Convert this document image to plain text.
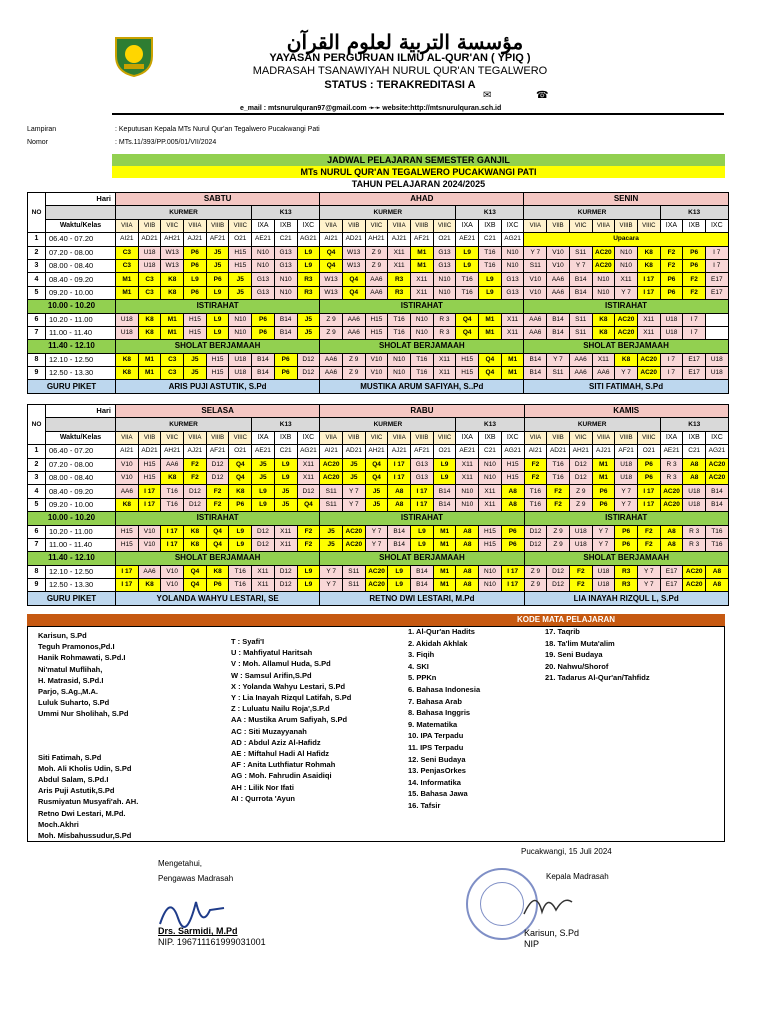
مؤسسة التربية لعلوم القرآن
YAYASAN PERGURUAN ILMU AL-QUR'AN ( YPIQ )
MADRASAH TSANAWIYAH NURUL QUR'AN TEGALWERO
STATUS : TERAKREDITASI A
✉	☎
e_mail : mtsnurulquran97@gmail.com ➛➛ website:http://mtsnurulquran.sch.id
Lampiran	: Keputusan Kepala MTs Nurul Qur'an Tegalwero Pucakwangi Pati
Nomor	: MTs.11/393/PP.005/01/VII/2024
JADWAL PELAJARAN SEMESTER GANJIL
MTs NURUL QUR'AN TEGALWERO PUCAKWANGI PATI
TAHUN PELAJARAN 2024/2025
NO	Hari	SABTU									AHAD									SENIN								
		KURMER						K13			KURMER						K13			KURMER						K13		
	Waktu/Kelas	VIIA	VIIB	VIIC	VIIIA	VIIIB	VIIIC	IXA	IXB	IXC	VIIA	VIIB	VIIC	VIIIA	VIIIB	VIIIC	IXA	IXB	IXC	VIIA	VIIB	VIIC	VIIIA	VIIIB	VIIIC	IXA	IXB	IXC
1	06.40 - 07.20	AI21	AD21	AH21	AJ21	AF21	O21	AE21	C21	AG21	AI21	AD21	AH21	AJ21	AF21	O21	AE21	C21	AG21	Upacara								
2	07.20 - 08.00	C3	U18	W13	P6	J5	H15	N10	G13	L9	Q4	W13	Z 9	X11	M1	G13	L9	T16	N10	Y 7	V10	S11	AC20	N10	K8	F2	P6	I 7
3	08.00 - 08.40	C3	U18	W13	P6	J5	H15	N10	G13	L9	Q4	W13	Z 9	X11	M1	G13	L9	T16	N10	S11	V10	Y 7	AC20	N10	K8	F2	P6	I 7
4	08.40 - 09.20	M1	C3	K8	L9	P6	J5	G13	N10	R3	W13	Q4	AA6	R3	X11	N10	T16	L9	G13	V10	AA6	B14	N10	X11	I 17	P6	F2	E17
5	09.20 - 10.00	M1	C3	K8	P6	L9	J5	G13	N10	R3	W13	Q4	AA6	R3	X11	N10	T16	L9	G13	V10	AA6	B14	N10	Y 7	I 17	P6	F2	E17
10.00 - 10.20		ISTIRAHAT									ISTIRAHAT									ISTIRAHAT								
6	10.20 - 11.00	U18	K8	M1	H15	L9	N10	P6	B14	J5	Z 9	AA6	H15	T16	N10	R 3	Q4	M1	X11	AA6	B14	S11	K8	AC20	X11	U18	I 7	
7	11.00 - 11.40	U18	K8	M1	H15	L9	N10	P6	B14	J5	Z 9	AA6	H15	T16	N10	R 3	Q4	M1	X11	AA6	B14	S11	K8	AC20	X11	U18	I 7	
11.40 - 12.10		SHOLAT BERJAMAAH									SHOLAT BERJAMAAH									SHOLAT BERJAMAAH								
8	12.10 - 12.50	K8	M1	C3	J5	H15	U18	B14	P6	D12	AA6	Z 9	V10	N10	T16	X11	H15	Q4	M1	B14	Y 7	AA6	X11	K8	AC20	I 7	E17	U18
9	12.50 - 13.30	K8	M1	C3	J5	H15	U18	B14	P6	D12	AA6	Z 9	V10	N10	T16	X11	H15	Q4	M1	B14	S11	AA6	AA6	Y 7	AC20	I 7	E17	U18
GURU PIKET		ARIS PUJI ASTUTIK, S.Pd									MUSTIKA ARUM SAFIYAH, S..Pd									SITI FATIMAH, S.Pd								
NO	Hari	SELASA									RABU									KAMIS								
		KURMER						K13			KURMER						K13			KURMER						K13		
	Waktu/Kelas	VIIA	VIIB	VIIC	VIIIA	VIIIB	VIIIC	IXA	IXB	IXC	VIIA	VIIB	VIIC	VIIIA	VIIIB	VIIIC	IXA	IXB	IXC	VIIA	VIIB	VIIC	VIIIA	VIIIB	VIIIC	IXA	IXB	IXC
1	06.40 - 07.20	AI21	AD21	AH21	AJ21	AF21	O21	AE21	C21	AG21	AI21	AD21	AH21	AJ21	AF21	O21	AE21	C21	AG21	AI21	AD21	AH21	AJ21	AF21	O21	AE21	C21	AG21
2	07.20 - 08.00	V10	H15	AA6	F2	D12	Q4	J5	L9	X11	AC20	J5	Q4	I 17	G13	L9	X11	N10	H15	F2	T16	D12	M1	U18	P6	R 3	A8	AC20
3	08.00 - 08.40	V10	H15	K8	F2	D12	Q4	J5	L9	X11	AC20	J5	Q4	I 17	G13	L9	X11	N10	H15	F2	T16	D12	M1	U18	P6	R 3	A8	AC20
4	08.40 - 09.20	AA6	I 17	T16	D12	F2	K8	L9	J5	D12	S11	Y 7	J5	A8	I 17	B14	N10	X11	A8	T16	F2	Z 9	P6	Y 7	I 17	AC20	U18	B14
5	09.20 - 10.00	K8	I 17	T16	D12	F2	P6	L9	J5	Q4	S11	Y 7	J5	A8	I 17	B14	N10	X11	A8	T16	F2	Z 9	P6	Y 7	I 17	AC20	U18	B14
10.00 - 10.20		ISTIRAHAT									ISTIRAHAT									ISTIRAHAT								
6	10.20 - 11.00	H15	V10	I 17	K8	Q4	L9	D12	X11	F2	J5	AC20	Y 7	B14	L9	M1	A8	H15	P6	D12	Z 9	U18	Y 7	P6	F2	A8	R 3	T16
7	11.00 - 11.40	H15	V10	I 17	K8	Q4	L9	D12	X11	F2	J5	AC20	Y 7	B14	L9	M1	A8	H15	P6	D12	Z 9	U18	Y 7	P6	F2	A8	R 3	T16
11.40 - 12.10		SHOLAT BERJAMAAH									SHOLAT BERJAMAAH									SHOLAT BERJAMAAH								
8	12.10 - 12.50	I 17	AA6	V10	Q4	K8	T16	X11	D12	L9	Y 7	S11	AC20	L9	B14	M1	A8	N10	I 17	Z 9	D12	F2	U18	R3	Y 7	E17	AC20	A8
9	12.50 - 13.30	I 17	K8	V10	Q4	P6	T16	X11	D12	L9	Y 7	S11	AC20	L9	B14	M1	A8	N10	I 17	Z 9	D12	F2	U18	R3	Y 7	E17	AC20	A8
GURU PIKET		YOLANDA WAHYU LESTARI, SE									RETNO DWI LESTARI, M.Pd									LIA INAYAH RIZQUL L, S.Pd								
KODE MATA PELAJARAN
Karisun, S.Pd
Teguh Pramonos,Pd.I
Hanik Rohmawati, S.Pd.I
Ni'matul Muflihah,
H. Matrasid, S.Pd.I
Parjo, S.Ag.,M.A.
Luluk Suharto, S.Pd
Ummi Nur Sholihah, S.Pd
Siti Fatimah, S.Pd
Moh. Ali Kholis Udin, S.Pd
Abdul Salam, S.Pd.I
Aris Puji Astutik,S.Pd
Rusmiyatun Musyafi'ah. AH.
Retno Dwi Lestari, M.Pd.
Moch.Akhri
Moh. Misbahussudur,S.Pd
T : Syafi'I
U : Mahfiyatul Haritsah
V : Moh. Allamul Huda, S.Pd
W : Samsul Arifin,S.Pd
X : Yolanda Wahyu Lestari, S.Pd
Y : Lia Inayah Rizqul Latifah, S.Pd
Z : Luluatu Nailu Roja',S.P.d
AA : Mustika Arum Safiyah, S.Pd
AC : Siti Muzayyanah
AD : Abdul Aziz Al-Hafidz
AE : Miftahul Hadi Al Hafidz
AF : Anita Luthfiatur Rohmah
AG : Moh. Fahrudin Asaidiqi
AH : Lilik Nor Ifati
AI : Qurrota 'Ayun
1. Al-Qur'an Hadits
2. Akidah Akhlak
3. Fiqih
4. SKI
5. PPKn
6. Bahasa Indonesia
7. Bahasa Arab
8. Bahasa Inggris
9. Matematika
10. IPA Terpadu
11. IPS Terpadu
12. Seni Budaya
13. PenjasOrkes
14. Informatika
15. Bahasa Jawa
16. Tafsir
17. Taqrib
18. Ta'lim Muta'alim
19. Seni Budaya
20. Nahwu/Shorof
21. Tadarus Al-Qur'an/Tahfidz
Pucakwangi, 15 Juli 2024
Mengetahui,
Pengawas Madrasah
Drs. Sarmidi, M.Pd
NIP. 196711161999031001
Kepala Madrasah
Karisun, S.Pd
NIP
